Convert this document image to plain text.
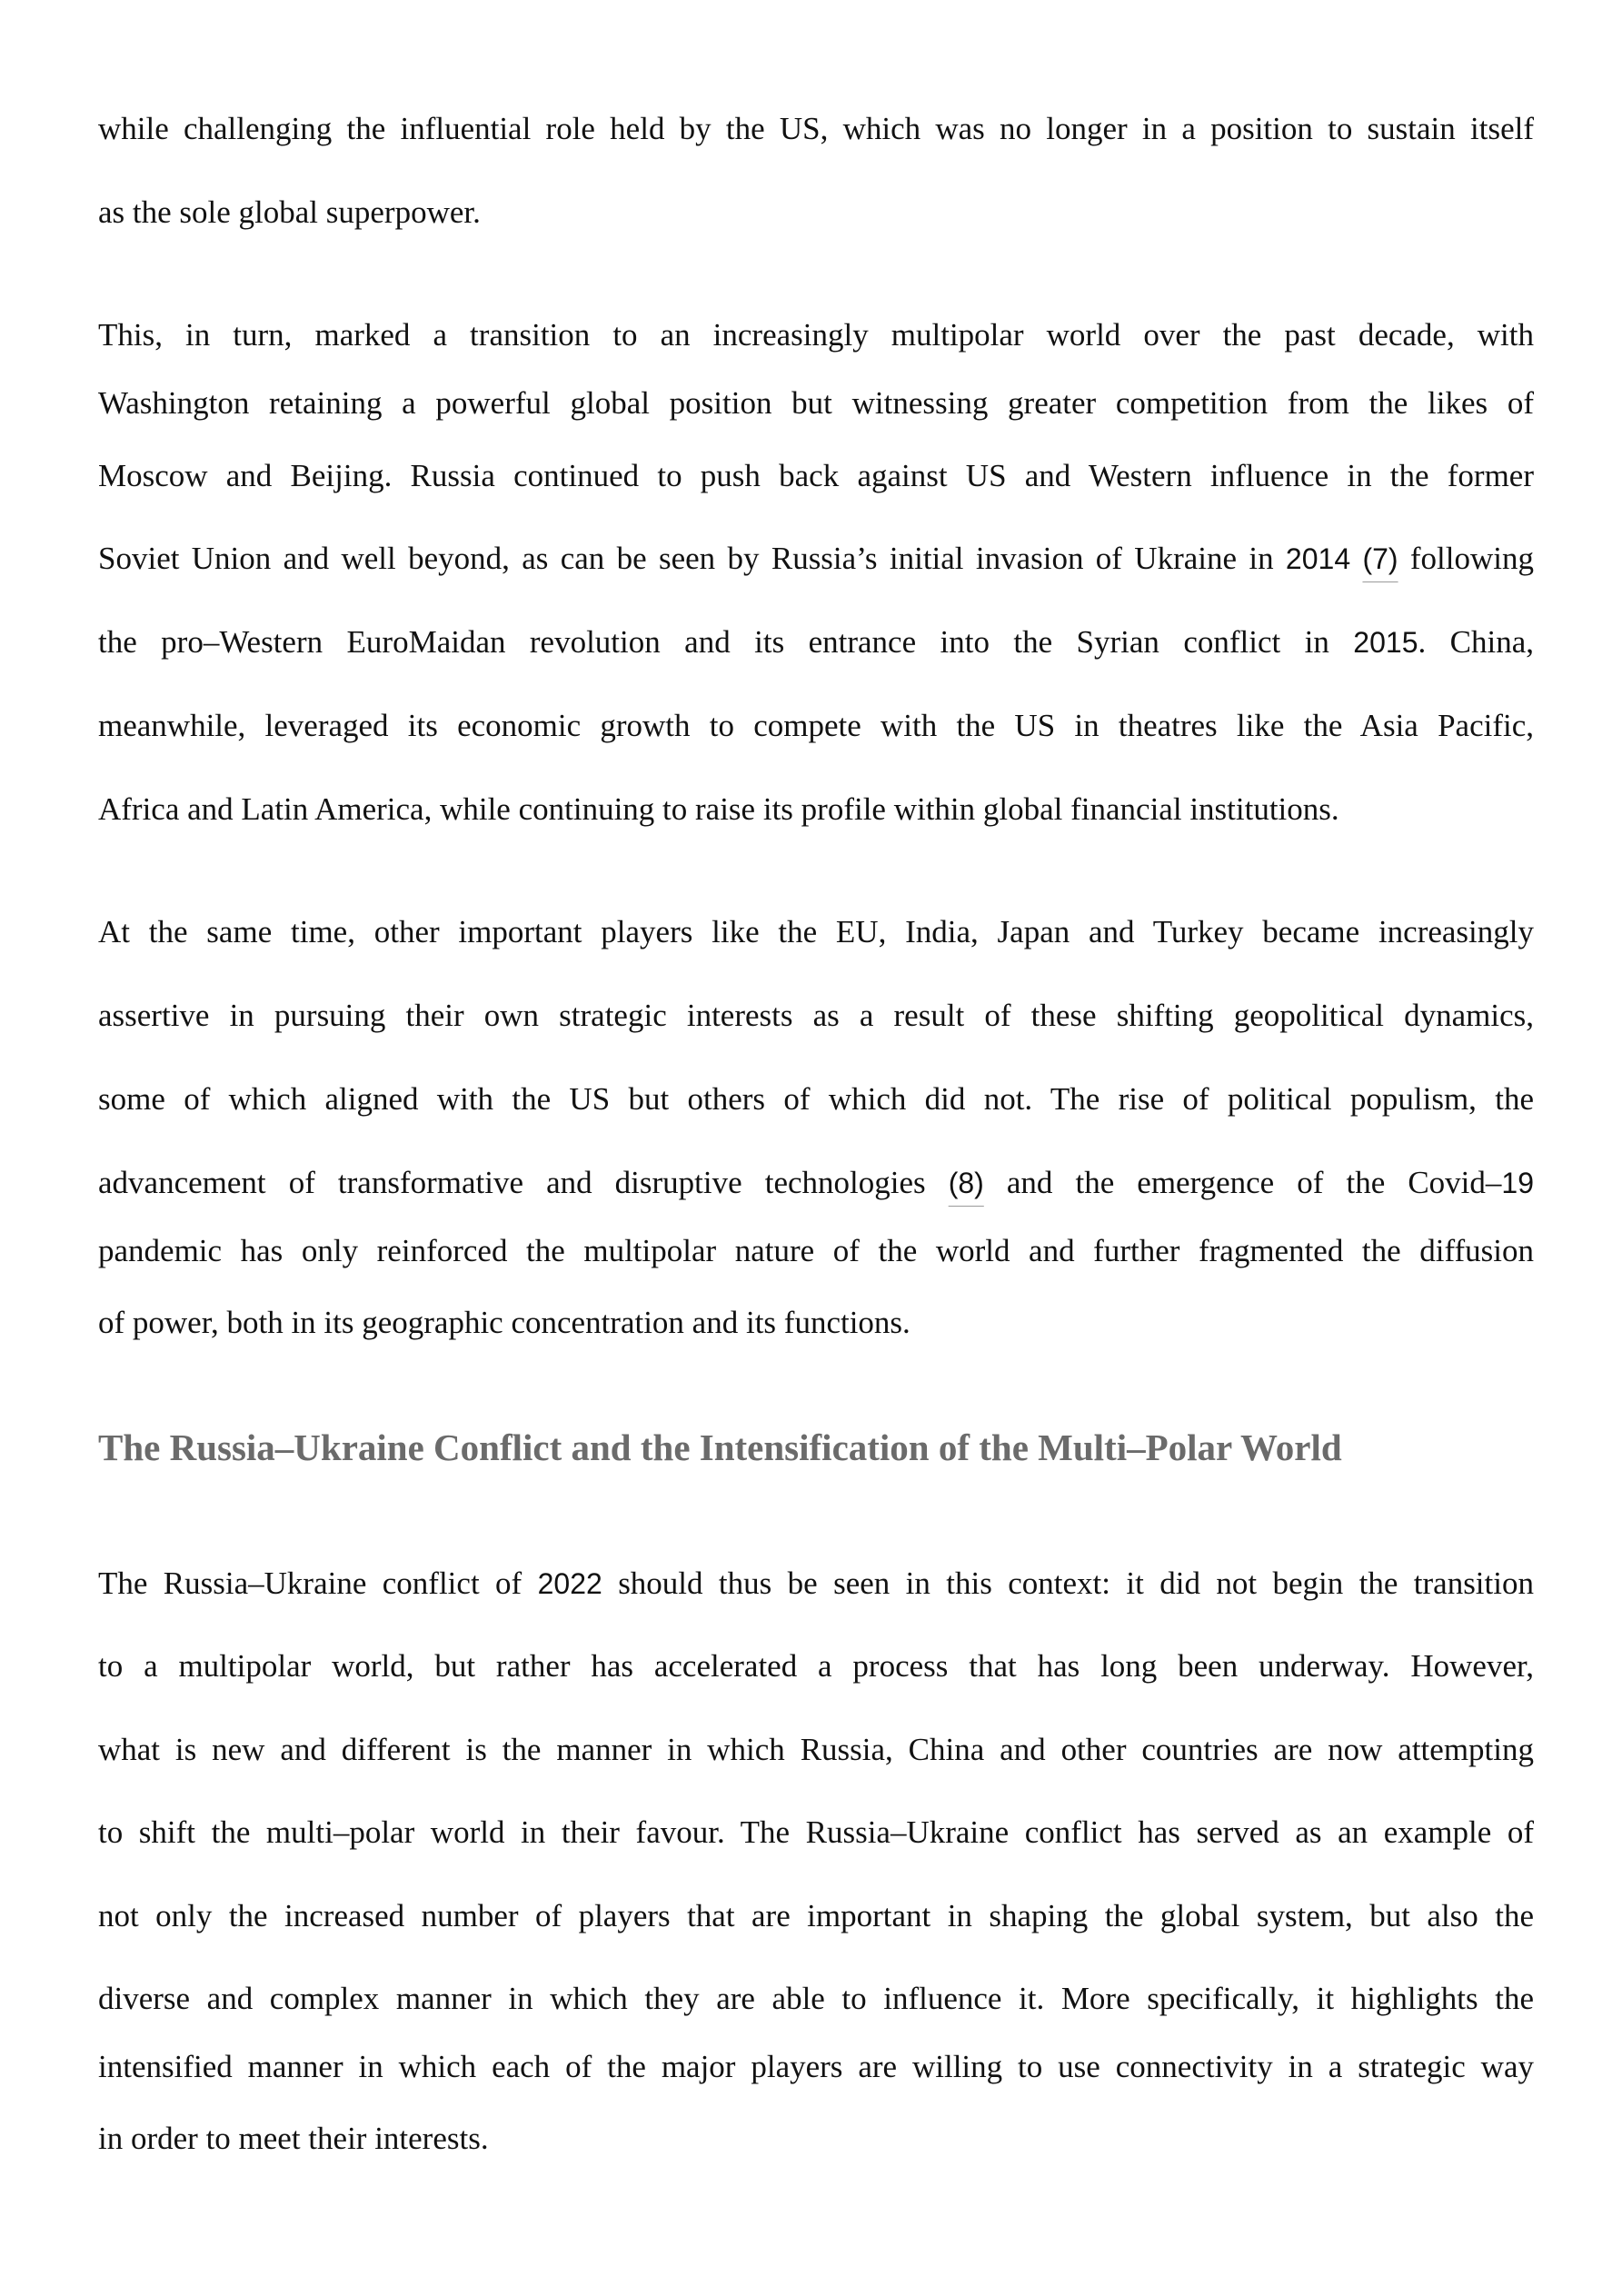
while challenging the influential role held by the US, which was no longer in a position to sustain itself

as the sole global superpower.

This, in turn, marked a transition to an increasingly multipolar world over the past decade, with

Washington retaining a powerful global position but witnessing greater competition from the likes of

Moscow and Beijing. Russia continued to push back against US and Western influence in the former

Soviet Union and well beyond, as can be seen by Russia’s initial invasion of Ukraine in 2014 (7) following

the pro–Western EuroMaidan revolution and its entrance into the Syrian conflict in 2015. China,

meanwhile, leveraged its economic growth to compete with the US in theatres like the Asia Pacific,

Africa and Latin America, while continuing to raise its profile within global financial institutions.

At the same time, other important players like the EU, India, Japan and Turkey became increasingly

assertive in pursuing their own strategic interests as a result of these shifting geopolitical dynamics,

some of which aligned with the US but others of which did not. The rise of political populism, the

advancement of transformative and disruptive technologies (8) and the emergence of the Covid–19

pandemic has only reinforced the multipolar nature of the world and further fragmented the diffusion

of power, both in its geographic concentration and its functions.

The Russia–Ukraine Conflict and the Intensification of the Multi–Polar World

The Russia–Ukraine conflict of 2022 should thus be seen in this context: it did not begin the transition

to a multipolar world, but rather has accelerated a process that has long been underway. However,

what is new and different is the manner in which Russia, China and other countries are now attempting

to shift the multi–polar world in their favour. The Russia–Ukraine conflict has served as an example of

not only the increased number of players that are important in shaping the global system, but also the

diverse and complex manner in which they are able to influence it. More specifically, it highlights the

intensified manner in which each of the major players are willing to use connectivity in a strategic way

in order to meet their interests.
